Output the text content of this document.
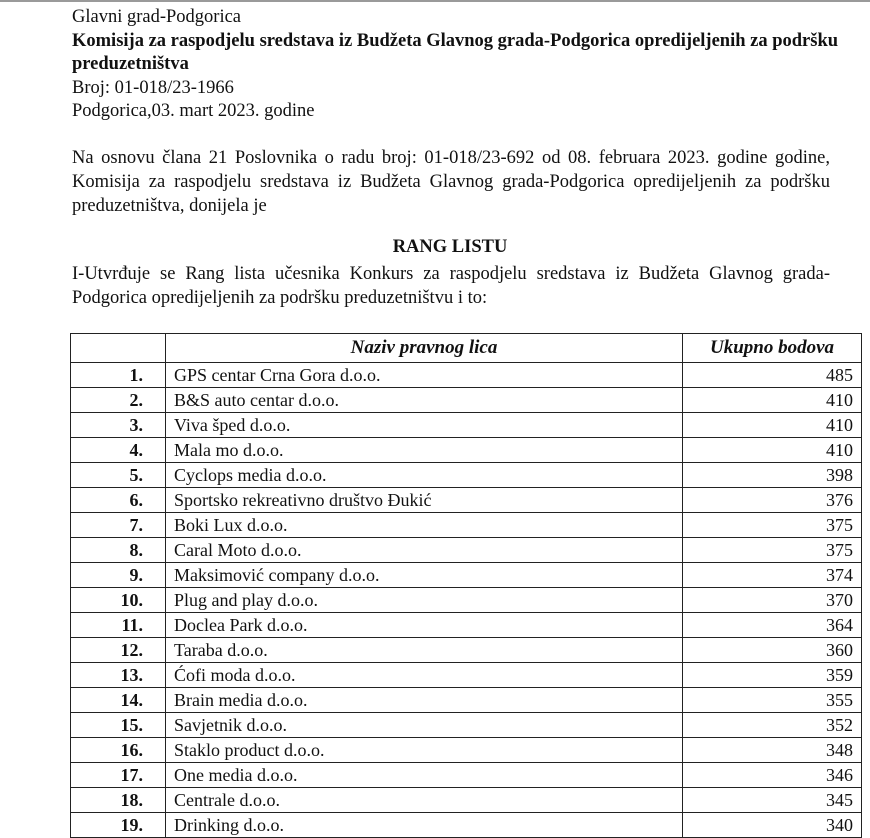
Glavni grad-Podgorica
Komisija za raspodjelu sredstava iz Budžeta Glavnog grada-Podgorica opredijeljenih za podršku preduzetništva
Broj: 01-018/23-1966
Podgorica,03. mart 2023. godine
Na osnovu člana 21 Poslovnika o radu broj: 01-018/23-692 od 08. februara 2023. godine godine, Komisija za raspodjelu sredstava iz Budžeta Glavnog grada-Podgorica opredijeljenih za podršku preduzetništva, donijela je
RANG LISTU
I-Utvrđuje se Rang lista učesnika Konkurs za raspodjelu sredstava iz Budžeta Glavnog grada-Podgorica opredijeljenih za podršku preduzetništvu i to:
	Naziv pravnog lica	Ukupno bodova
1.	GPS centar Crna Gora d.o.o.	485
2.	B&S auto centar d.o.o.	410
3.	Viva šped d.o.o.	410
4.	Mala mo d.o.o.	410
5.	Cyclops media d.o.o.	398
6.	Sportsko rekreativno društvo Đukić	376
7.	Boki Lux d.o.o.	375
8.	Caral Moto d.o.o.	375
9.	Maksimović company d.o.o.	374
10.	Plug and play d.o.o.	370
11.	Doclea Park d.o.o.	364
12.	Taraba d.o.o.	360
13.	Ćofi moda d.o.o.	359
14.	Brain media d.o.o.	355
15.	Savjetnik d.o.o.	352
16.	Staklo product d.o.o.	348
17.	One media d.o.o.	346
18.	Centrale d.o.o.	345
19.	Drinking d.o.o.	340
